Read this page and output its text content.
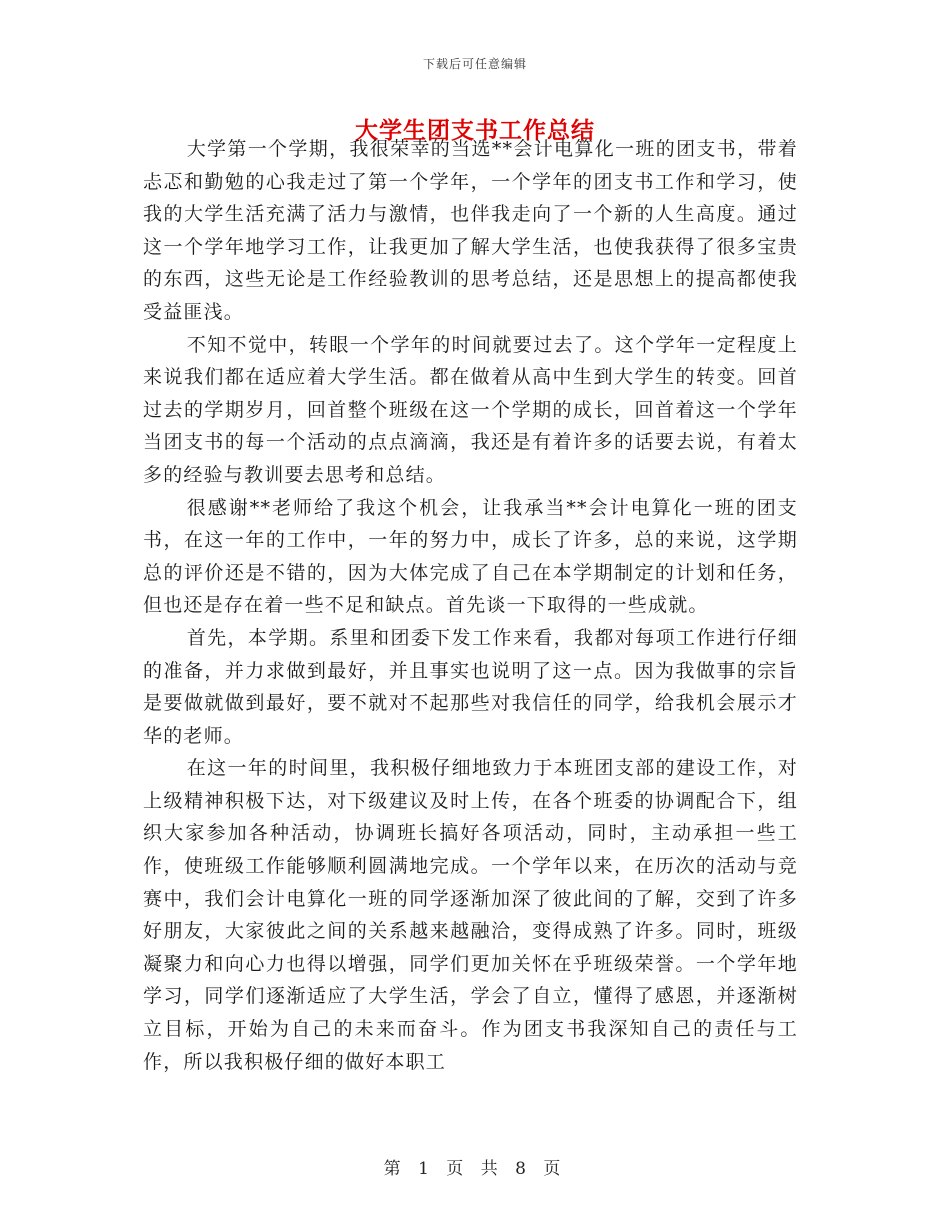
下载后可任意编辑
大学生团支书工作总结

大学第一个学期，我很荣幸的当选**会计电算化一班的团支书，带着忐忑和勤勉的心我走过了第一个学年，一个学年的团支书工作和学习，使我的大学生活充满了活力与激情，也伴我走向了一个新的人生高度。通过这一个学年地学习工作，让我更加了解大学生活，也使我获得了很多宝贵的东西，这些无论是工作经验教训的思考总结，还是思想上的提高都使我受益匪浅。

不知不觉中，转眼一个学年的时间就要过去了。这个学年一定程度上来说我们都在适应着大学生活。都在做着从高中生到大学生的转变。回首过去的学期岁月，回首整个班级在这一个学期的成长，回首着这一个学年当团支书的每一个活动的点点滴滴，我还是有着许多的话要去说，有着太多的经验与教训要去思考和总结。

很感谢**老师给了我这个机会，让我承当**会计电算化一班的团支书，在这一年的工作中，一年的努力中，成长了许多，总的来说，这学期总的评价还是不错的，因为大体完成了自己在本学期制定的计划和任务，但也还是存在着一些不足和缺点。首先谈一下取得的一些成就。

首先，本学期。系里和团委下发工作来看，我都对每项工作进行仔细的准备，并力求做到最好，并且事实也说明了这一点。因为我做事的宗旨是要做就做到最好，要不就对不起那些对我信任的同学，给我机会展示才华的老师。

在这一年的时间里，我积极仔细地致力于本班团支部的建设工作，对上级精神积极下达，对下级建议及时上传，在各个班委的协调配合下，组织大家参加各种活动，协调班长搞好各项活动，同时，主动承担一些工作，使班级工作能够顺利圆满地完成。一个学年以来，在历次的活动与竞赛中，我们会计电算化一班的同学逐渐加深了彼此间的了解，交到了许多好朋友，大家彼此之间的关系越来越融洽，变得成熟了许多。同时，班级凝聚力和向心力也得以增强，同学们更加关怀在乎班级荣誉。一个学年地学习，同学们逐渐适应了大学生活，学会了自立，懂得了感恩，并逐渐树立目标，开始为自己的未来而奋斗。作为团支书我深知自己的责任与工作，所以我积极仔细的做好本职工

第 1 页 共 8 页
